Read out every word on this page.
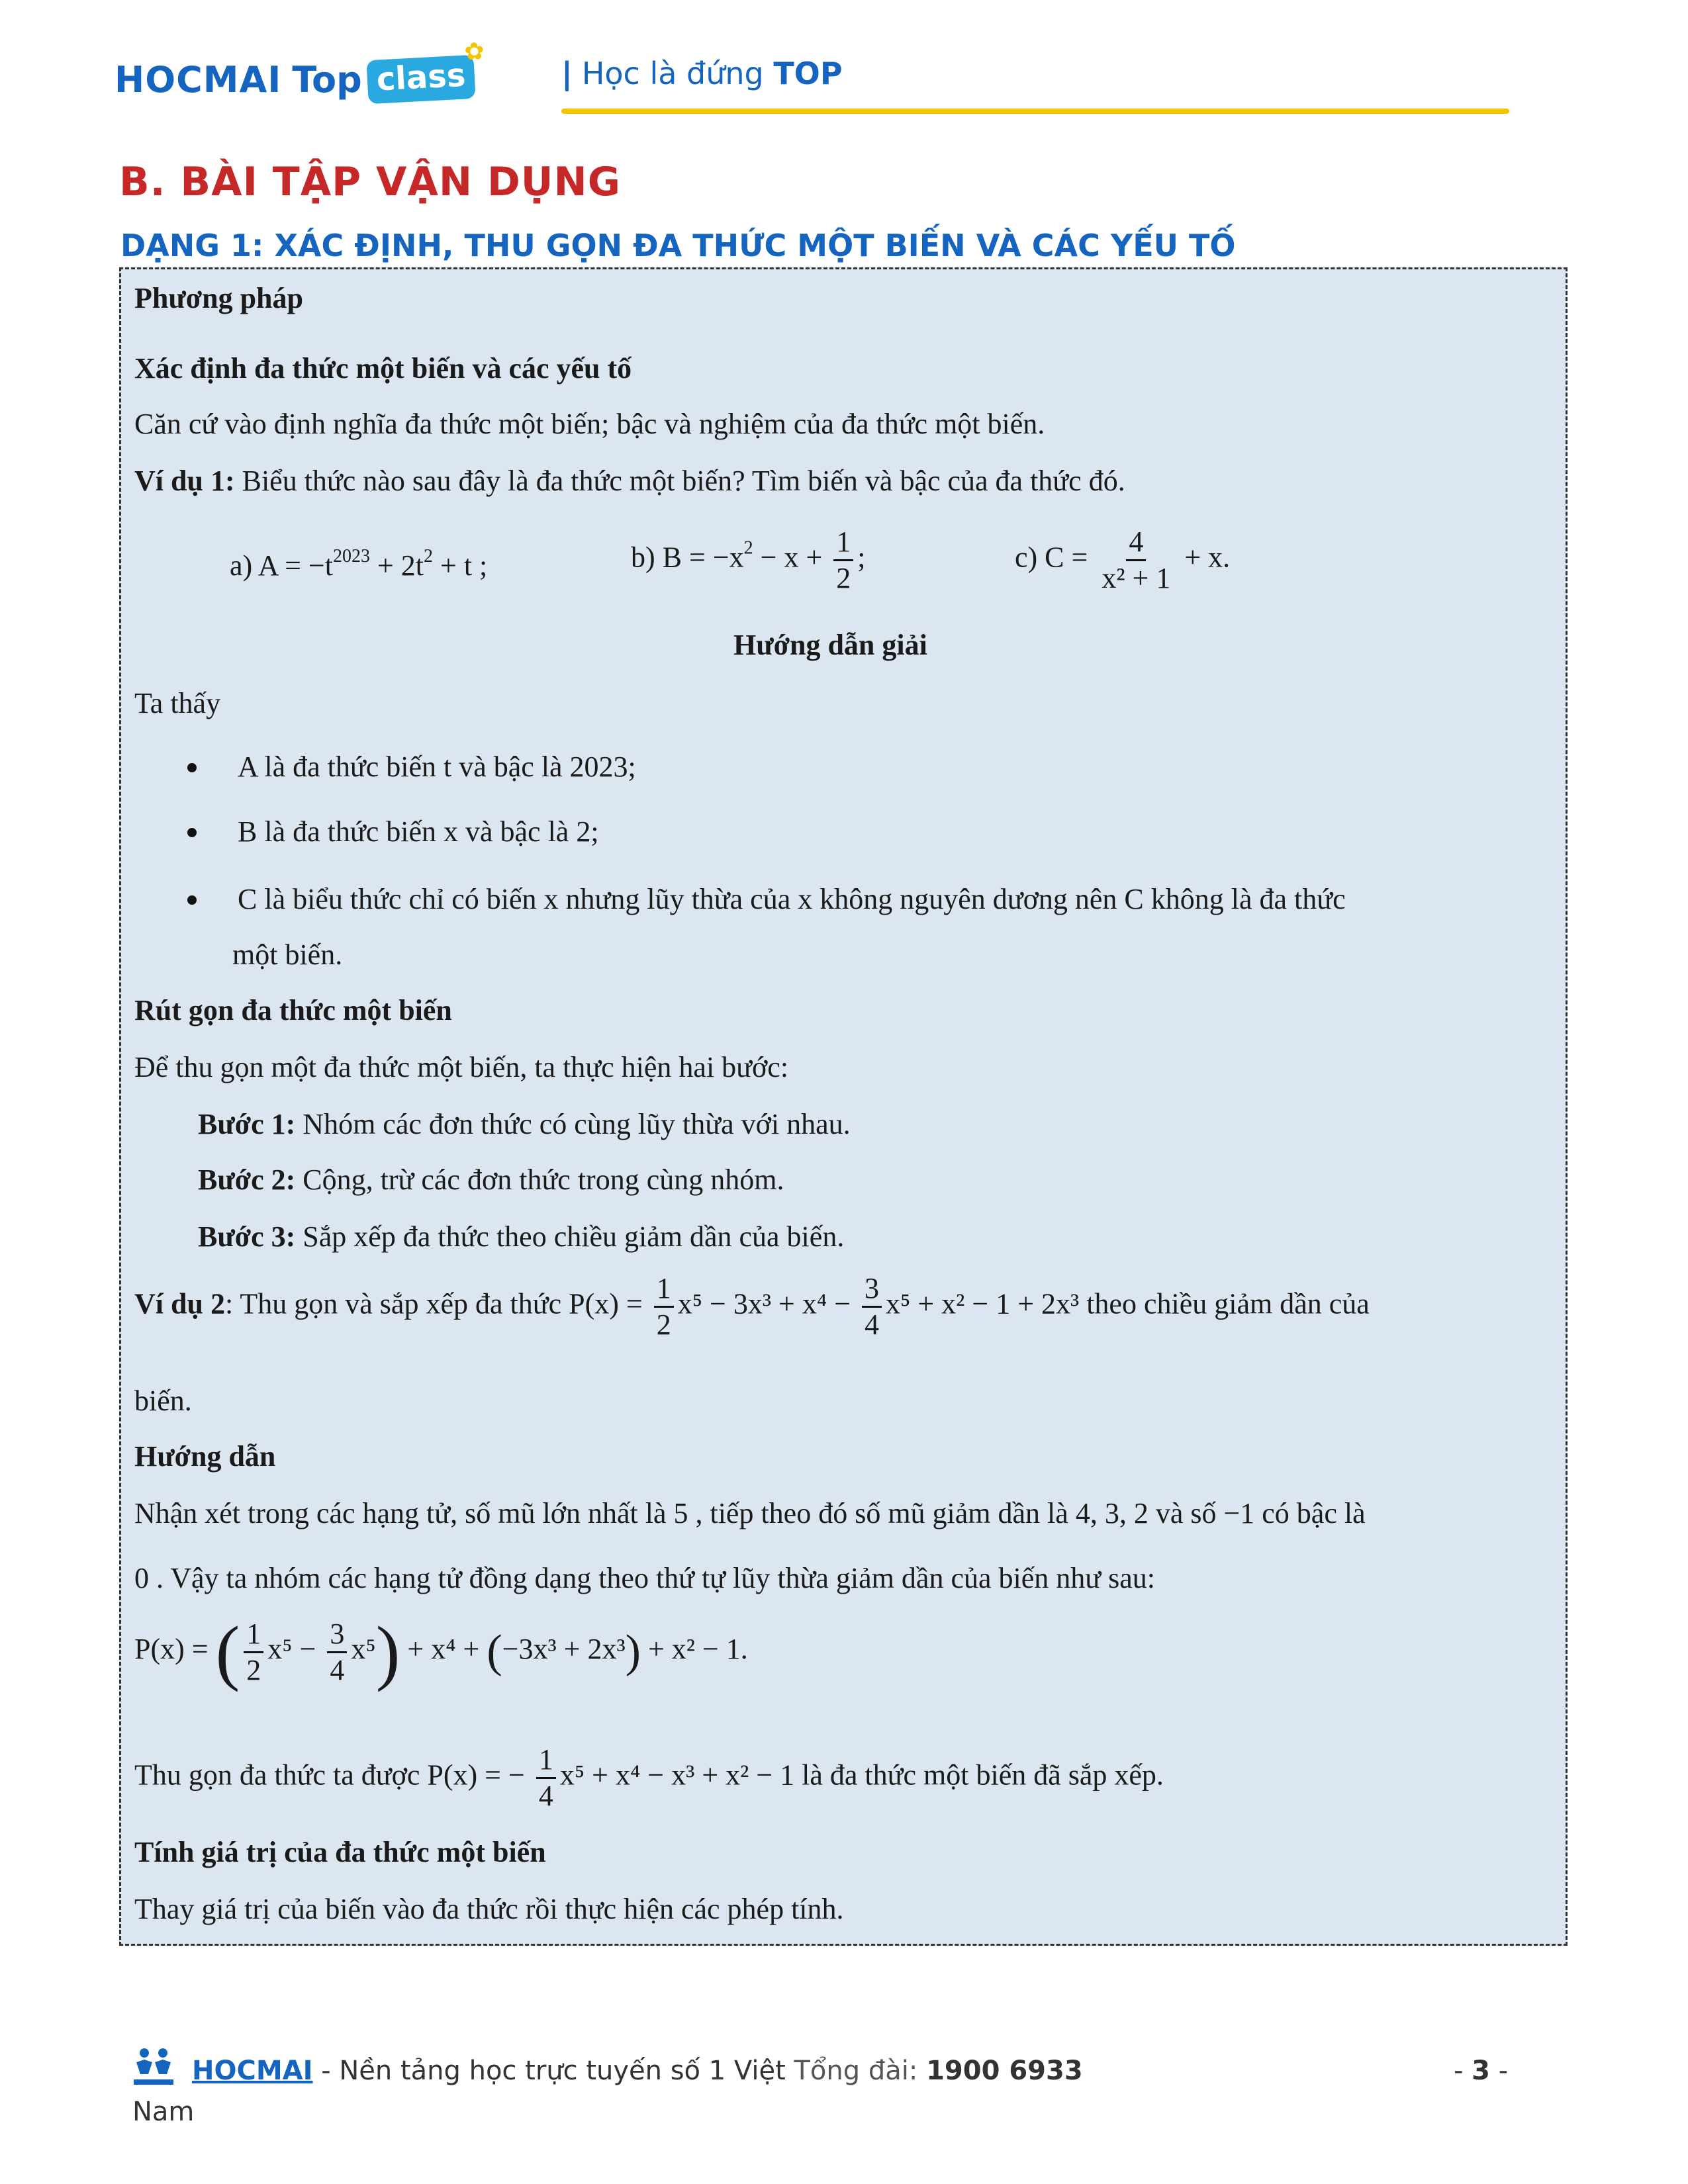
HOCMAI Top class
✿
| Học là đứng TOP
B. BÀI TẬP VẬN DỤNG
DẠNG 1: XÁC ĐỊNH, THU GỌN ĐA THỨC MỘT BIẾN VÀ CÁC YẾU TỐ
Phương pháp
Xác định đa thức một biến và các yếu tố
Căn cứ vào định nghĩa đa thức một biến; bậc và nghiệm của đa thức một biến.
Ví dụ 1: Biểu thức nào sau đây là đa thức một biến? Tìm biến và bậc của đa thức đó.
a) $A = -t^{2023} + 2t^2 + t$ ;	b) $B = -x^2 - x + \frac{1}{2}$ ;	c) $C = \frac{4}{\text{x² + 1}} + x$.
Hướng dẫn giải
Ta thấy
A là đa thức biến t và bậc là 2023;
B là đa thức biến x và bậc là 2;
C là biểu thức chỉ có biến x nhưng lũy thừa của x không nguyên dương nên C không là đa thức
một biến.
Rút gọn đa thức một biến
Để thu gọn một đa thức một biến, ta thực hiện hai bước:
Bước 1: Nhóm các đơn thức có cùng lũy thừa với nhau.
Bước 2: Cộng, trừ các đơn thức trong cùng nhóm.
Bước 3: Sắp xếp đa thức theo chiều giảm dần của biến.
Ví dụ 2: Thu gọn và sắp xếp đa thức $P(x) = \frac{1}{2} x^5 - 3x^3 + x^4 - \frac{3}{4} x^5 + x^2 - 1 + 2x^3$ theo chiều giảm dần của
biến.
Hướng dẫn
Nhận xét trong các hạng tử, số mũ lớn nhất là 5 , tiếp theo đó số mũ giảm dần là 4, 3, 2 và số −1 có bậc là
0 . Vậy ta nhóm các hạng tử đồng dạng theo thứ tự lũy thừa giảm dần của biến như sau:
P(x) = ( $\frac{1}{2} x^5 - \frac{3}{4} x^5) + x^4 + (-3x^3 + 2x^3) + x^2 - 1$.
Thu gọn đa thức ta được P(x) = − $\frac{1}{4} x^5 + x^4 - x^3 + x^2 - 1$ là đa thức một biến đã sắp xếp.
Tính giá trị của đa thức một biến
Thay giá trị của biến vào đa thức rồi thực hiện các phép tính.
HOCMAI - Nền tảng học trực tuyến số 1 Việt Tổng đài: 1900 6933
Nam
- 3 -
